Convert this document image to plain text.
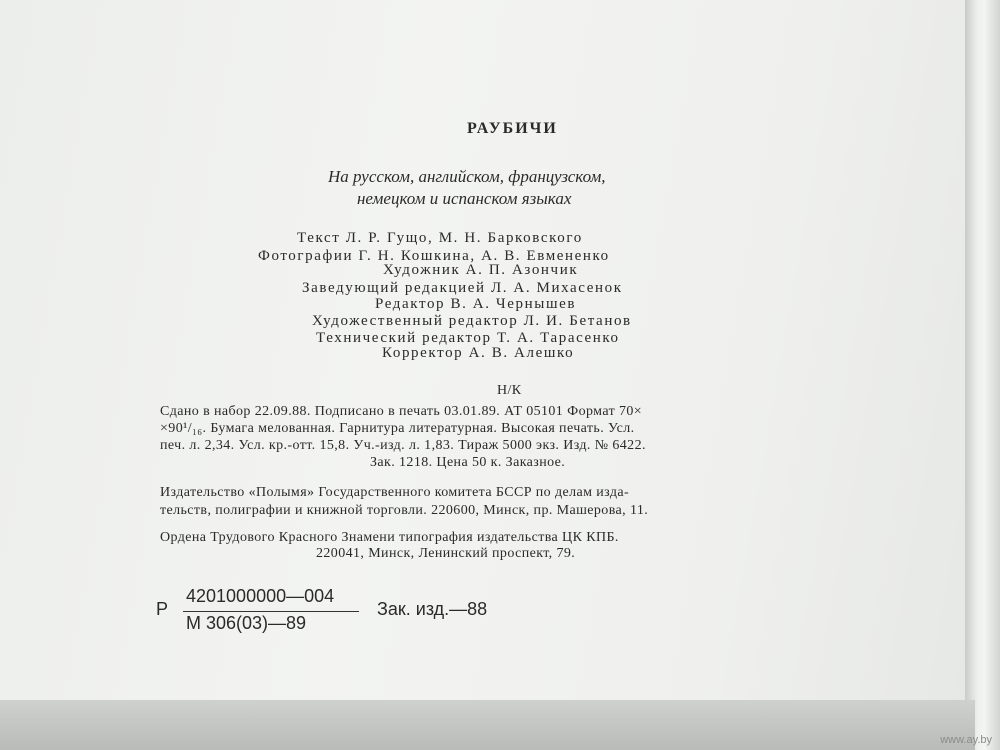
РАУБИЧИ

На русском, английском, французском,

немецком и испанском языках

Текст Л. Р. Гущо, М. Н. Барковского

Фотографии Г. Н. Кошкина, А. В. Евмененко

Художник А. П. Азончик

Заведующий редакцией Л. А. Михасенок

Редактор В. А. Чернышев

Художественный редактор Л. И. Бетанов

Технический редактор Т. А. Тарасенко

Корректор А. В. Алешко

Н/К

Сдано в набор 22.09.88. Подписано в печать 03.01.89. АТ 05101 Формат 70×

×90¹/₁₆. Бумага мелованная. Гарнитура литературная. Высокая печать. Усл.

печ. л. 2,34. Усл. кр.-отт. 15,8. Уч.-изд. л. 1,83. Тираж 5000 экз. Изд. № 6422.

Зак. 1218. Цена 50 к. Заказное.

Издательство «Полымя» Государственного комитета БССР по делам изда-

тельств, полиграфии и книжной торговли. 220600, Минск, пр. Машерова, 11.

Ордена Трудового Красного Знамени типография издательства ЦК КПБ.

220041, Минск, Ленинский проспект, 79.

Р

4201000000—004

М 306(03)—89

Зак. изд.—88

www.ay.by
